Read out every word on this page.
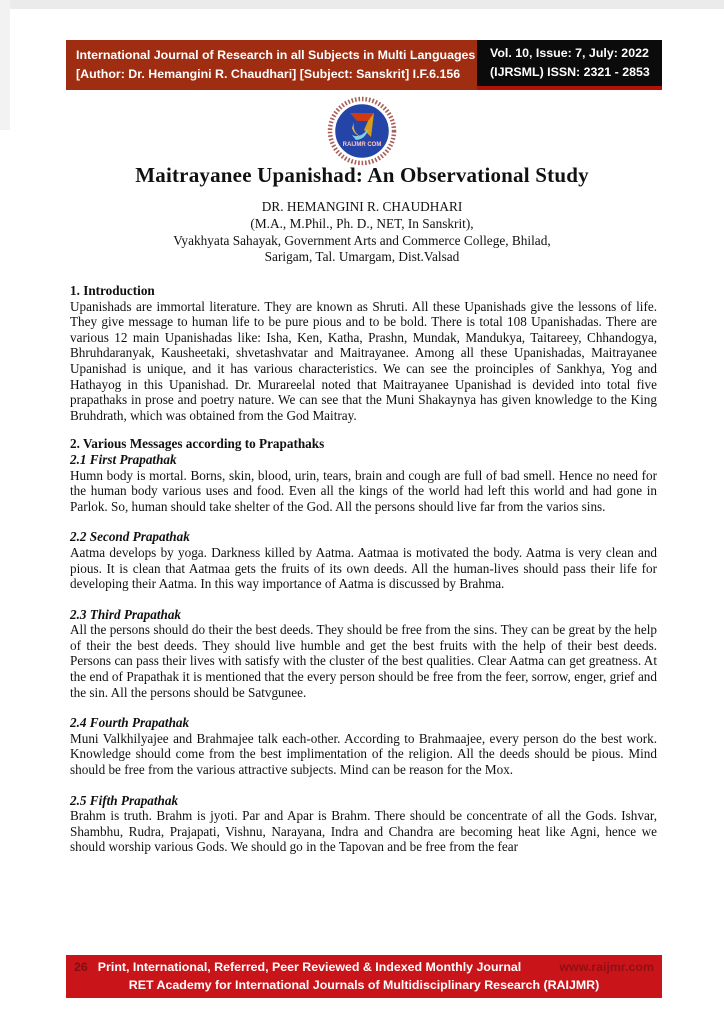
International Journal of Research in all Subjects in Multi Languages
[Author: Dr. Hemangini R. Chaudhari] [Subject: Sanskrit] I.F.6.156
Vol. 10, Issue: 7, July: 2022
(IJRSML) ISSN: 2321 - 2853
RAIJMR COM
Maitrayanee Upanishad: An Observational Study
DR. HEMANGINI R. CHAUDHARI
(M.A., M.Phil., Ph. D., NET, In Sanskrit),
Vyakhyata Sahayak, Government Arts and Commerce College, Bhilad,
Sarigam, Tal. Umargam, Dist.Valsad
1. Introduction

Upanishads are immortal literature. They are known as Shruti. All these Upanishads give the lessons of life. They give message to human life to be pure pious and to be bold. There is total 108 Upanishadas. There are various 12 main Upanishadas like: Isha, Ken, Katha, Prashn, Mundak, Mandukya, Taitareey, Chhandogya, Bhruhdaranyak, Kausheetaki, shvetashvatar and Maitrayanee. Among all these Upanishadas, Maitrayanee Upanishad is unique, and it has various characteristics. We can see the proinciples of Sankhya, Yog and Hathayog in this Upanishad. Dr. Murareelal noted that Maitrayanee Upanishad is devided into total five prapathaks in prose and poetry nature. We can see that the Muni Shakaynya has given knowledge to the King Bruhdrath, which was obtained from the God Maitray.

2. Various Messages according to Prapathaks
2.1 First Prapathak

Humn body is mortal. Borns, skin, blood, urin, tears, brain and cough are full of bad smell. Hence no need for the human body various uses and food. Even all the kings of the world had left this world and had gone in Parlok. So, human should take shelter of the God. All the persons should live far from the varios sins.

2.2 Second Prapathak

Aatma develops by yoga. Darkness killed by Aatma. Aatmaa is motivated the body. Aatma is very clean and pious. It is clean that Aatmaa gets the fruits of its own deeds. All the human-lives should pass their life for developing their Aatma. In this way importance of Aatma is discussed by Brahma.

2.3 Third Prapathak

All the persons should do their the best deeds. They should be free from the sins. They can be great by the help of their the best deeds. They should live humble and get the best fruits with the help of their best deeds. Persons can pass their lives with satisfy with the cluster of the best qualities. Clear Aatma can get greatness. At the end of Prapathak it is mentioned that the every person should be free from the feer, sorrow, enger, grief and the sin. All the persons should be Satvgunee.

2.4 Fourth Prapathak

Muni Valkhilyajee and Brahmajee talk each-other. According to Brahmaajee, every person do the best work. Knowledge should come from the best implimentation of the religion. All the deeds should be pious. Mind should be free from the various attractive subjects. Mind can be reason for the Mox.

2.5 Fifth Prapathak

Brahm is truth. Brahm is jyoti. Par and Apar is Brahm. There should be concentrate of all the Gods. Ishvar, Shambhu, Rudra, Prajapati, Vishnu, Narayana, Indra and Chandra are becoming heat like Agni, hence we should worship various Gods. We should go in the Tapovan and be free from the fear

26 Print, International, Referred, Peer Reviewed & Indexed Monthly Journal	www.raijmr.com
RET Academy for International Journals of Multidisciplinary Research (RAIJMR)
